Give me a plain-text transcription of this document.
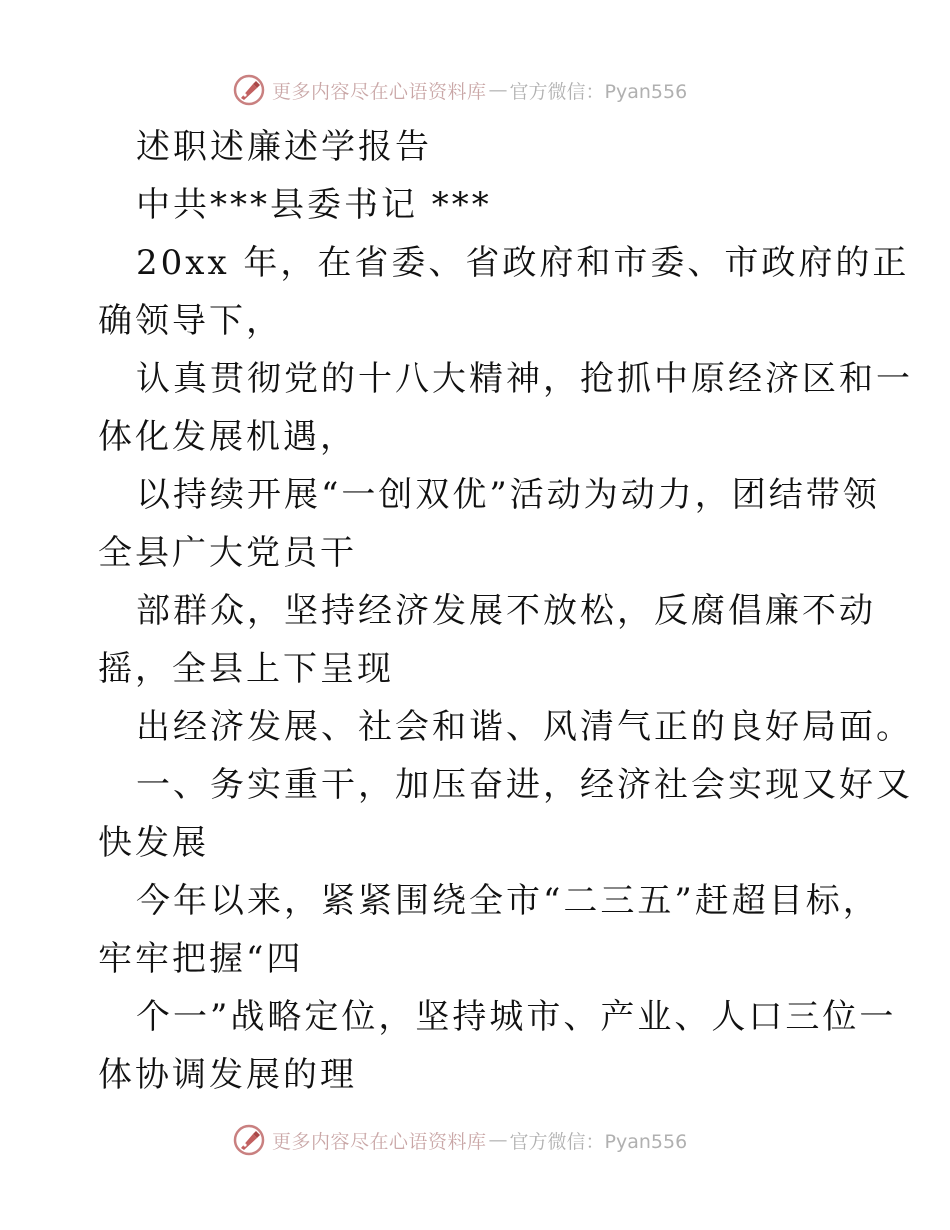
更多内容尽在心语资料库 — 官方微信：Pyan556
述职述廉述学报告
中共***县委书记 ***
20xx 年，在省委、省政府和市委、市政府的正
确领导下，
认真贯彻党的十八大精神，抢抓中原经济区和一
体化发展机遇，
以持续开展“一创双优”活动为动力，团结带领
全县广大党员干
部群众，坚持经济发展不放松，反腐倡廉不动
摇，全县上下呈现
出经济发展、社会和谐、风清气正的良好局面。
一、务实重干，加压奋进，经济社会实现又好又
快发展
今年以来，紧紧围绕全市“二三五”赶超目标，
牢牢把握“四
个一”战略定位，坚持城市、产业、人口三位一
体协调发展的理
更多内容尽在心语资料库 — 官方微信：Pyan556
